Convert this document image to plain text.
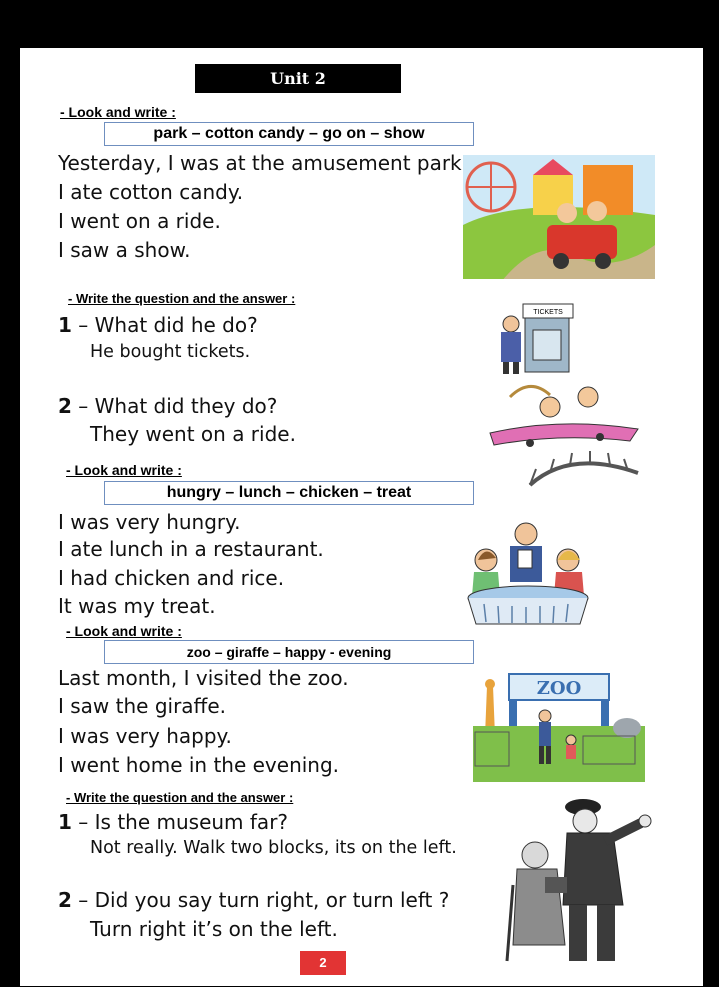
Unit 2
- Look and write :
park – cotton candy – go on – show
Yesterday, I was at the amusement park
I ate cotton candy.
I went on a ride.
I saw a show.
- Write the question and the answer :
1 – What did he do?
He bought tickets.
2 – What did they do?
They went on a ride.
TICKETS
- Look and write :
hungry – lunch – chicken – treat
I was very hungry.
I ate lunch in a restaurant.
I had chicken and rice.
It was my treat.
- Look and write :
zoo – giraffe – happy - evening
Last month, I visited the zoo.
I saw the giraffe.
I was very happy.
I went home in the evening.
ZOO
- Write the question and the answer :
1 – Is the museum far?
Not really. Walk two blocks, its on the left.
2 – Did you say turn right, or turn left ?
Turn right it’s on the left.
2
